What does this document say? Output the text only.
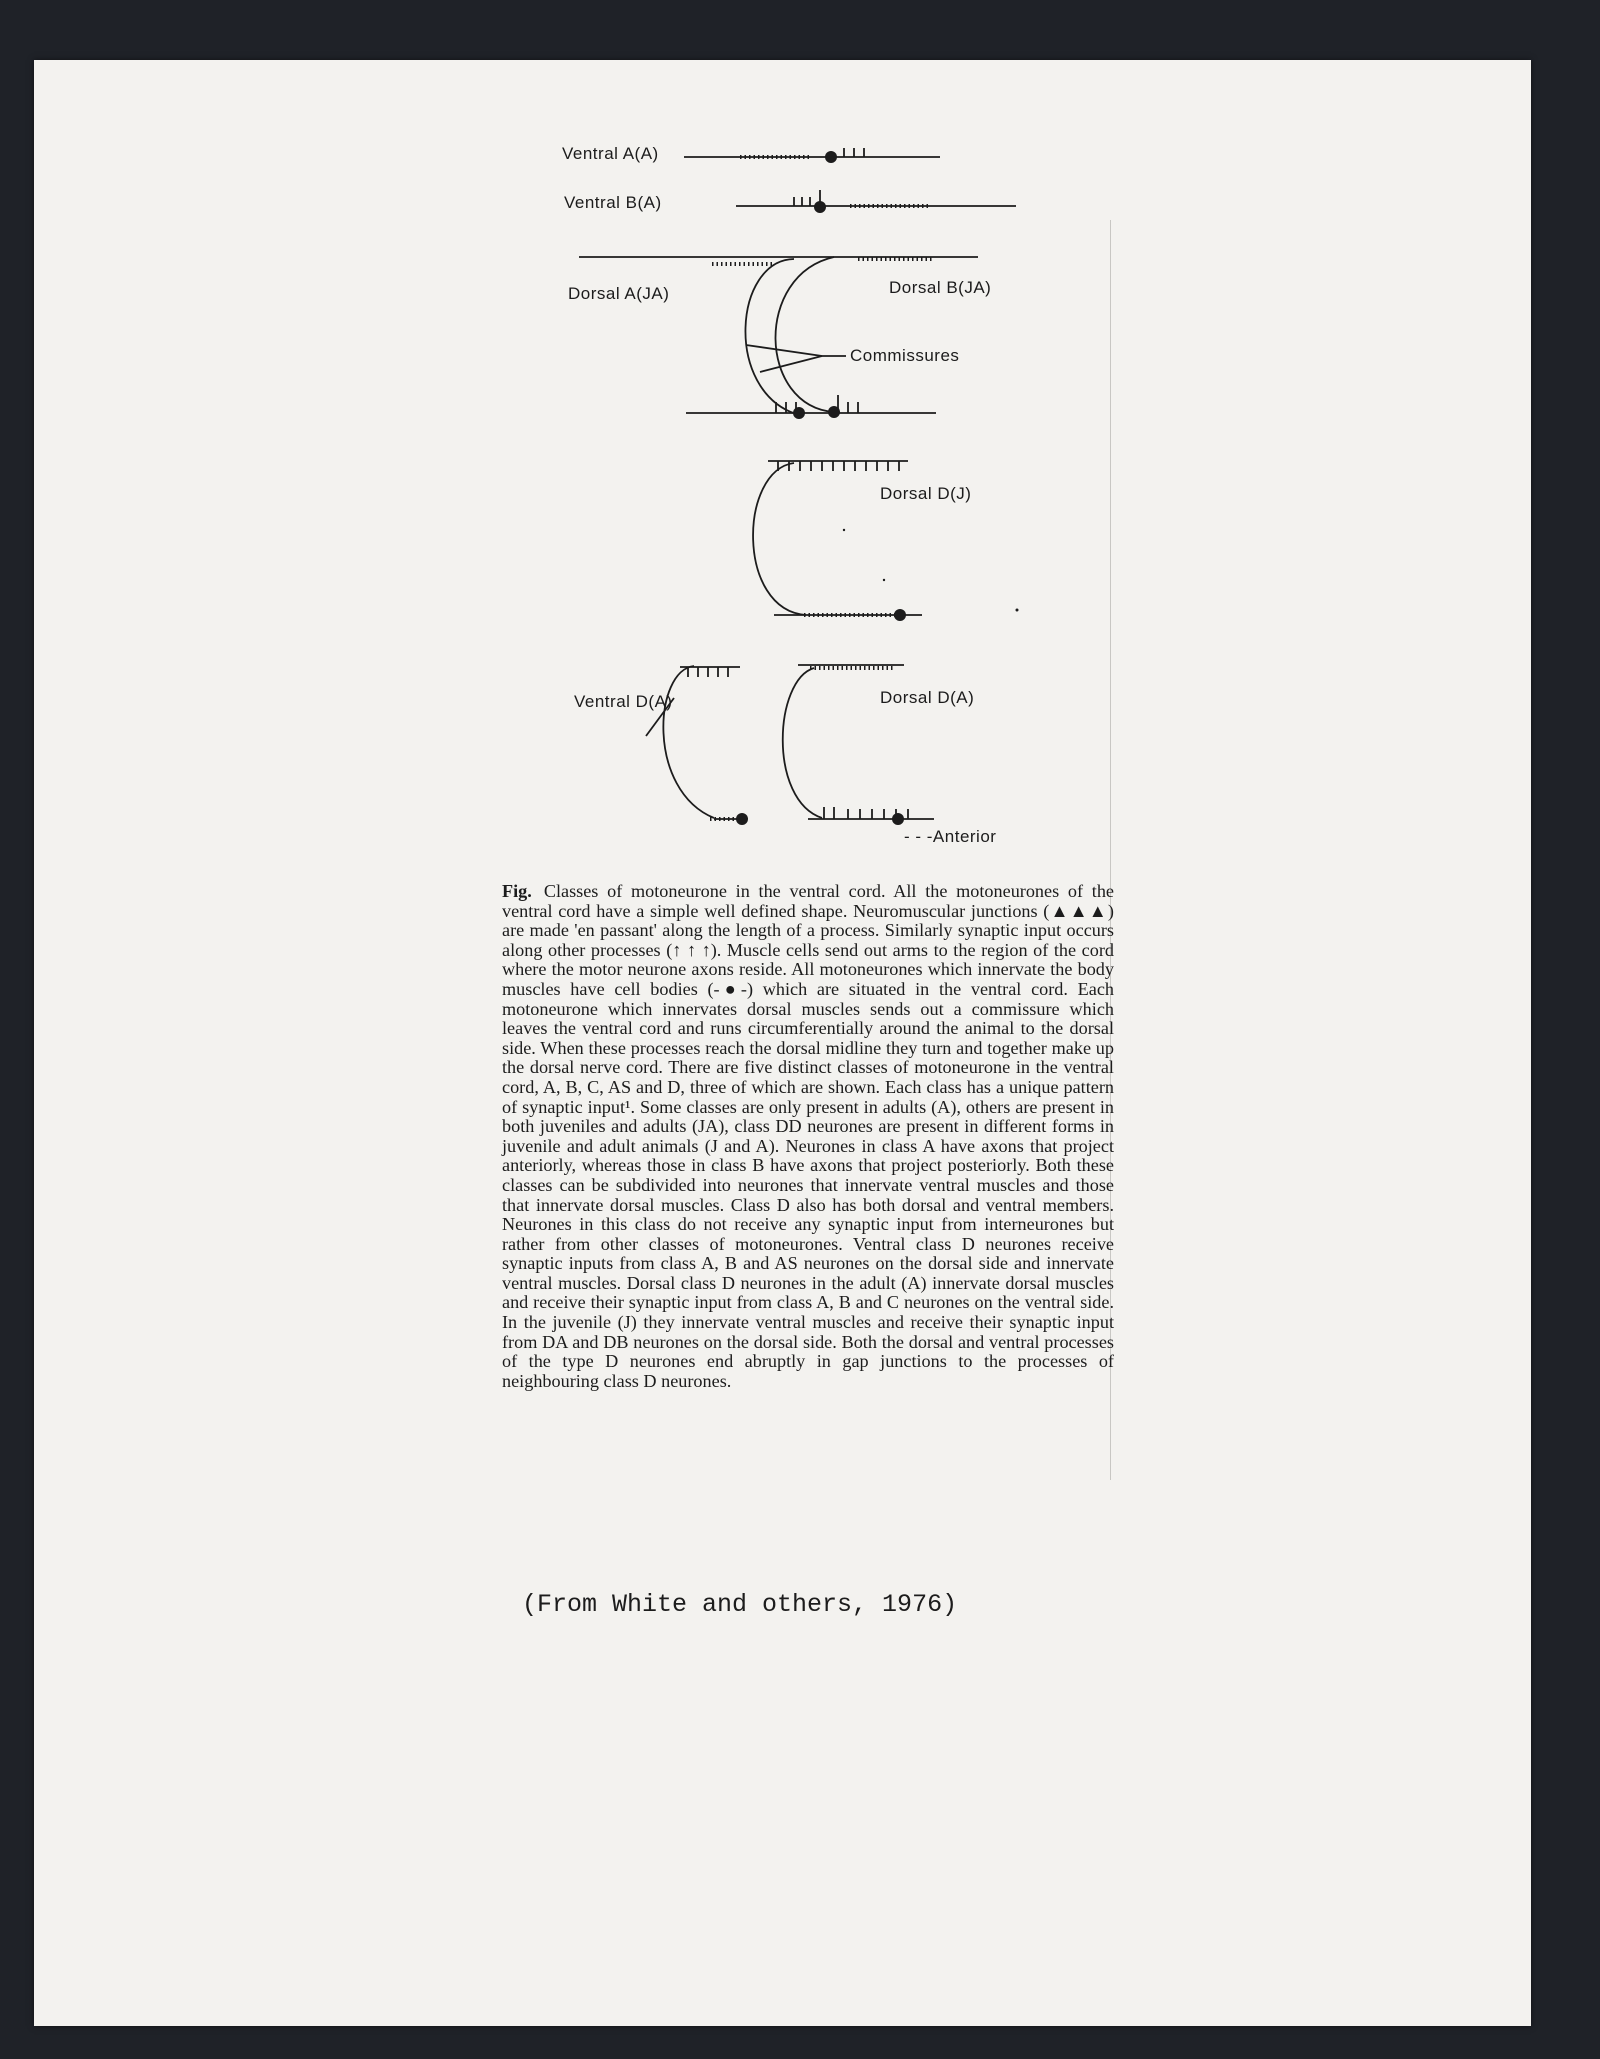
Ventral A(A)
Ventral B(A)
Dorsal A(JA)	Dorsal B(JA)
Commissures
Dorsal D(J)
Ventral D(A)	Dorsal D(A)
- - -Anterior
Fig. Classes of motoneurone in the ventral cord. All the motoneurones of the ventral cord have a simple well defined shape. Neuromuscular junctions (▲▲▲) are made 'en passant' along the length of a process. Similarly synaptic input occurs along other processes (↑ ↑ ↑). Muscle cells send out arms to the region of the cord where the motor neurone axons reside. All motoneurones which innervate the body muscles have cell bodies (-●-) which are situated in the ventral cord. Each motoneurone which innervates dorsal muscles sends out a commissure which leaves the ventral cord and runs circumferentially around the animal to the dorsal side. When these processes reach the dorsal midline they turn and together make up the dorsal nerve cord. There are five distinct classes of motoneurone in the ventral cord, A, B, C, AS and D, three of which are shown. Each class has a unique pattern of synaptic input¹. Some classes are only present in adults (A), others are present in both juveniles and adults (JA), class DD neurones are present in different forms in juvenile and adult animals (J and A). Neurones in class A have axons that project anteriorly, whereas those in class B have axons that project posteriorly. Both these classes can be subdivided into neurones that innervate ventral muscles and those that innervate dorsal muscles. Class D also has both dorsal and ventral members. Neurones in this class do not receive any synaptic input from interneurones but rather from other classes of motoneurones. Ventral class D neurones receive synaptic inputs from class A, B and AS neurones on the dorsal side and innervate ventral muscles. Dorsal class D neurones in the adult (A) innervate dorsal muscles and receive their synaptic input from class A, B and C neurones on the ventral side. In the juvenile (J) they innervate ventral muscles and receive their synaptic input from DA and DB neurones on the dorsal side. Both the dorsal and ventral processes of the type D neurones end abruptly in gap junctions to the processes of neighbouring class D neurones.
(From White and others, 1976)
